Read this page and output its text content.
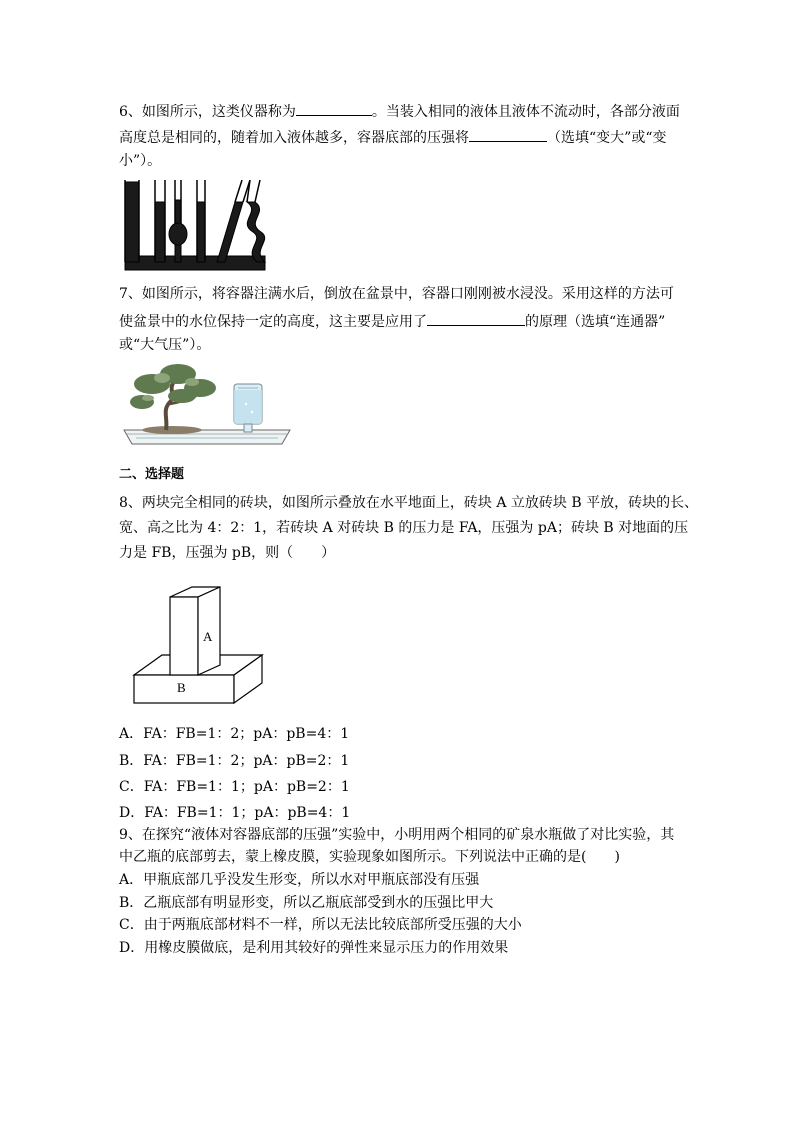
6、如图所示，这类仪器称为	。当装入相同的液体且液体不流动时，各部分液面
高度总是相同的，随着加入液体越多，容器底部的压强将	（选填“变大”或“变
小”）。
7、如图所示，将容器注满水后，倒放在盆景中，容器口刚刚被水浸没。采用这样的方法可
使盆景中的水位保持一定的高度，这主要是应用了	的原理（选填“连通器”
或“大气压”）。
二、选择题
8、两块完全相同的砖块，如图所示叠放在水平地面上，砖块 A 立放砖块 B 平放，砖块的长、
宽、高之比为 4：2：1，若砖块 A 对砖块 B 的压力是 FA，压强为 pA；砖块 B 对地面的压
力是 FB，压强为 pB，则（　　）
A
B
A．FA：FB=1：2；pA：pB=4：1
B．FA：FB=1：2；pA：pB=2：1
C．FA：FB=1：1；pA：pB=2：1
D．FA：FB=1：1；pA：pB=4：1
9、在探究“液体对容器底部的压强”实验中，小明用两个相同的矿泉水瓶做了对比实验，其
中乙瓶的底部剪去，蒙上橡皮膜，实验现象如图所示。下列说法中正确的是(　　)
A．甲瓶底部几乎没发生形变，所以水对甲瓶底部没有压强
B．乙瓶底部有明显形变，所以乙瓶底部受到水的压强比甲大
C．由于两瓶底部材料不一样，所以无法比较底部所受压强的大小
D．用橡皮膜做底，是利用其较好的弹性来显示压力的作用效果
